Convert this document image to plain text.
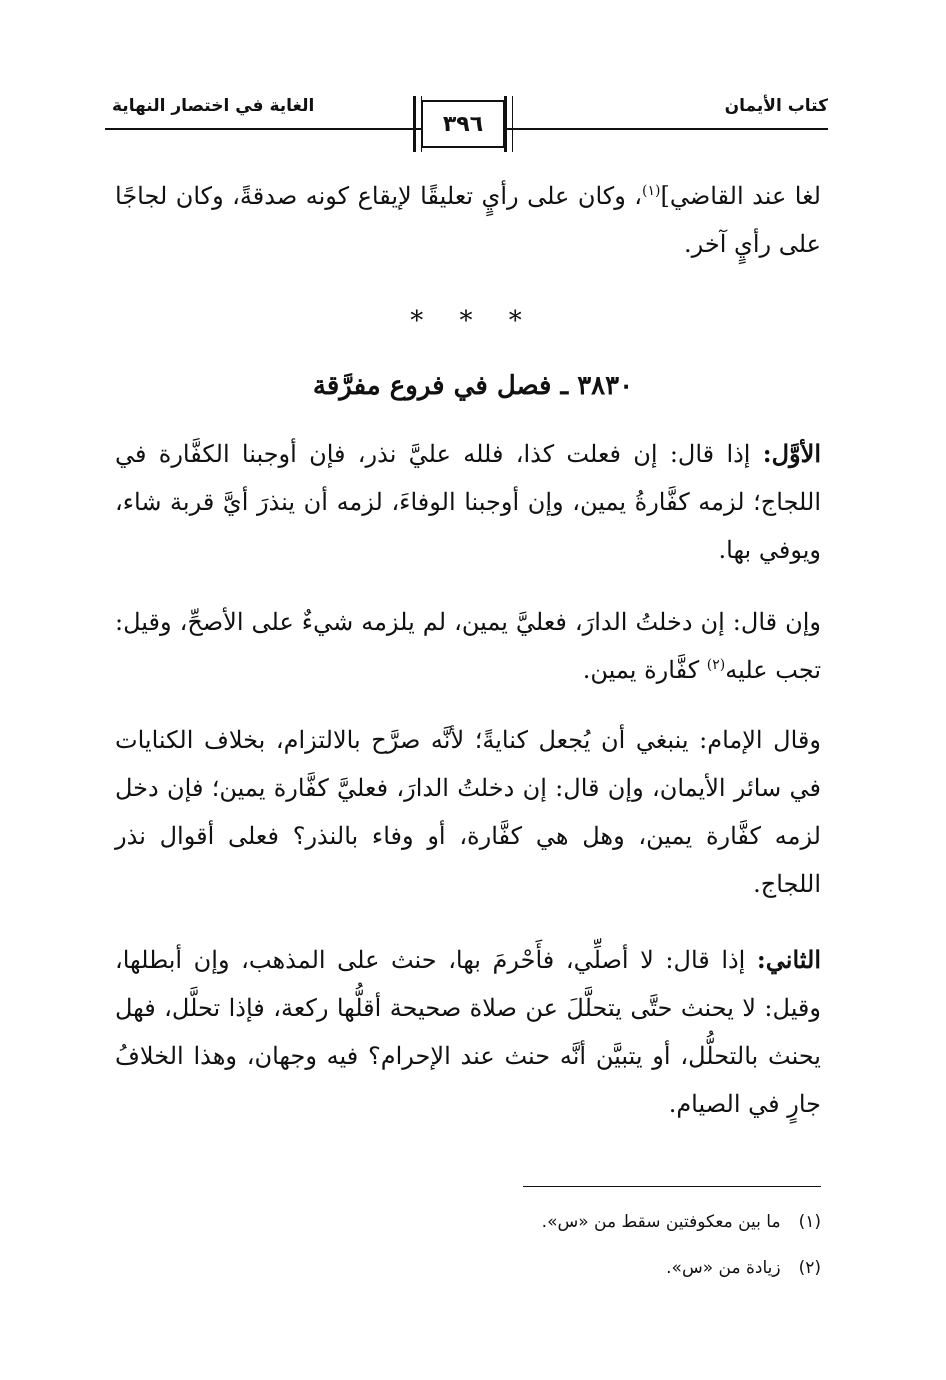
كتاب الأيمان
الغاية في اختصار النهاية
٣٩٦

لغا عند القاضي]$^{(١)}$، وكان على رأيٍ تعليقًا لإيقاع كونه صدقةً، وكان لجاجًا على رأيٍ آخر.

* * *
٣٨٣٠ ـ فصل في فروع مفرَّقة

الأوَّل: إذا قال: إن فعلت كذا، فلله عليَّ نذر، فإن أوجبنا الكفَّارة في اللجاج؛ لزمه كفَّارةُ يمين، وإن أوجبنا الوفاءَ، لزمه أن ينذرَ أيَّ قربة شاء، ويوفي بها.

وإن قال: إن دخلتُ الدارَ، فعليَّ يمين، لم يلزمه شيءٌ على الأصحِّ، وقيل: تجب عليه$^{(٢)}$ كفَّارة يمين.

وقال الإمام: ينبغي أن يُجعل كنايةً؛ لأنَّه صرَّح بالالتزام، بخلاف الكنايات في سائر الأيمان، وإن قال: إن دخلتُ الدارَ، فعليَّ كفَّارة يمين؛ فإن دخل لزمه كفَّارة يمين، وهل هي كفَّارة، أو وفاء بالنذر؟ فعلى أقوال نذر اللجاج.

الثاني: إذا قال: لا أصلِّي، فأَحْرمَ بها، حنث على المذهب، وإن أبطلها، وقيل: لا يحنث حتَّى يتحلَّلَ عن صلاة صحيحة أقلُّها ركعة، فإذا تحلَّل، فهل يحنث بالتحلُّل، أو يتبيَّن أنَّه حنث عند الإحرام؟ فيه وجهان، وهذا الخلافُ جارٍ في الصيام.

(١)ما بين معكوفتين سقط من «س».
(٢)زيادة من «س».
